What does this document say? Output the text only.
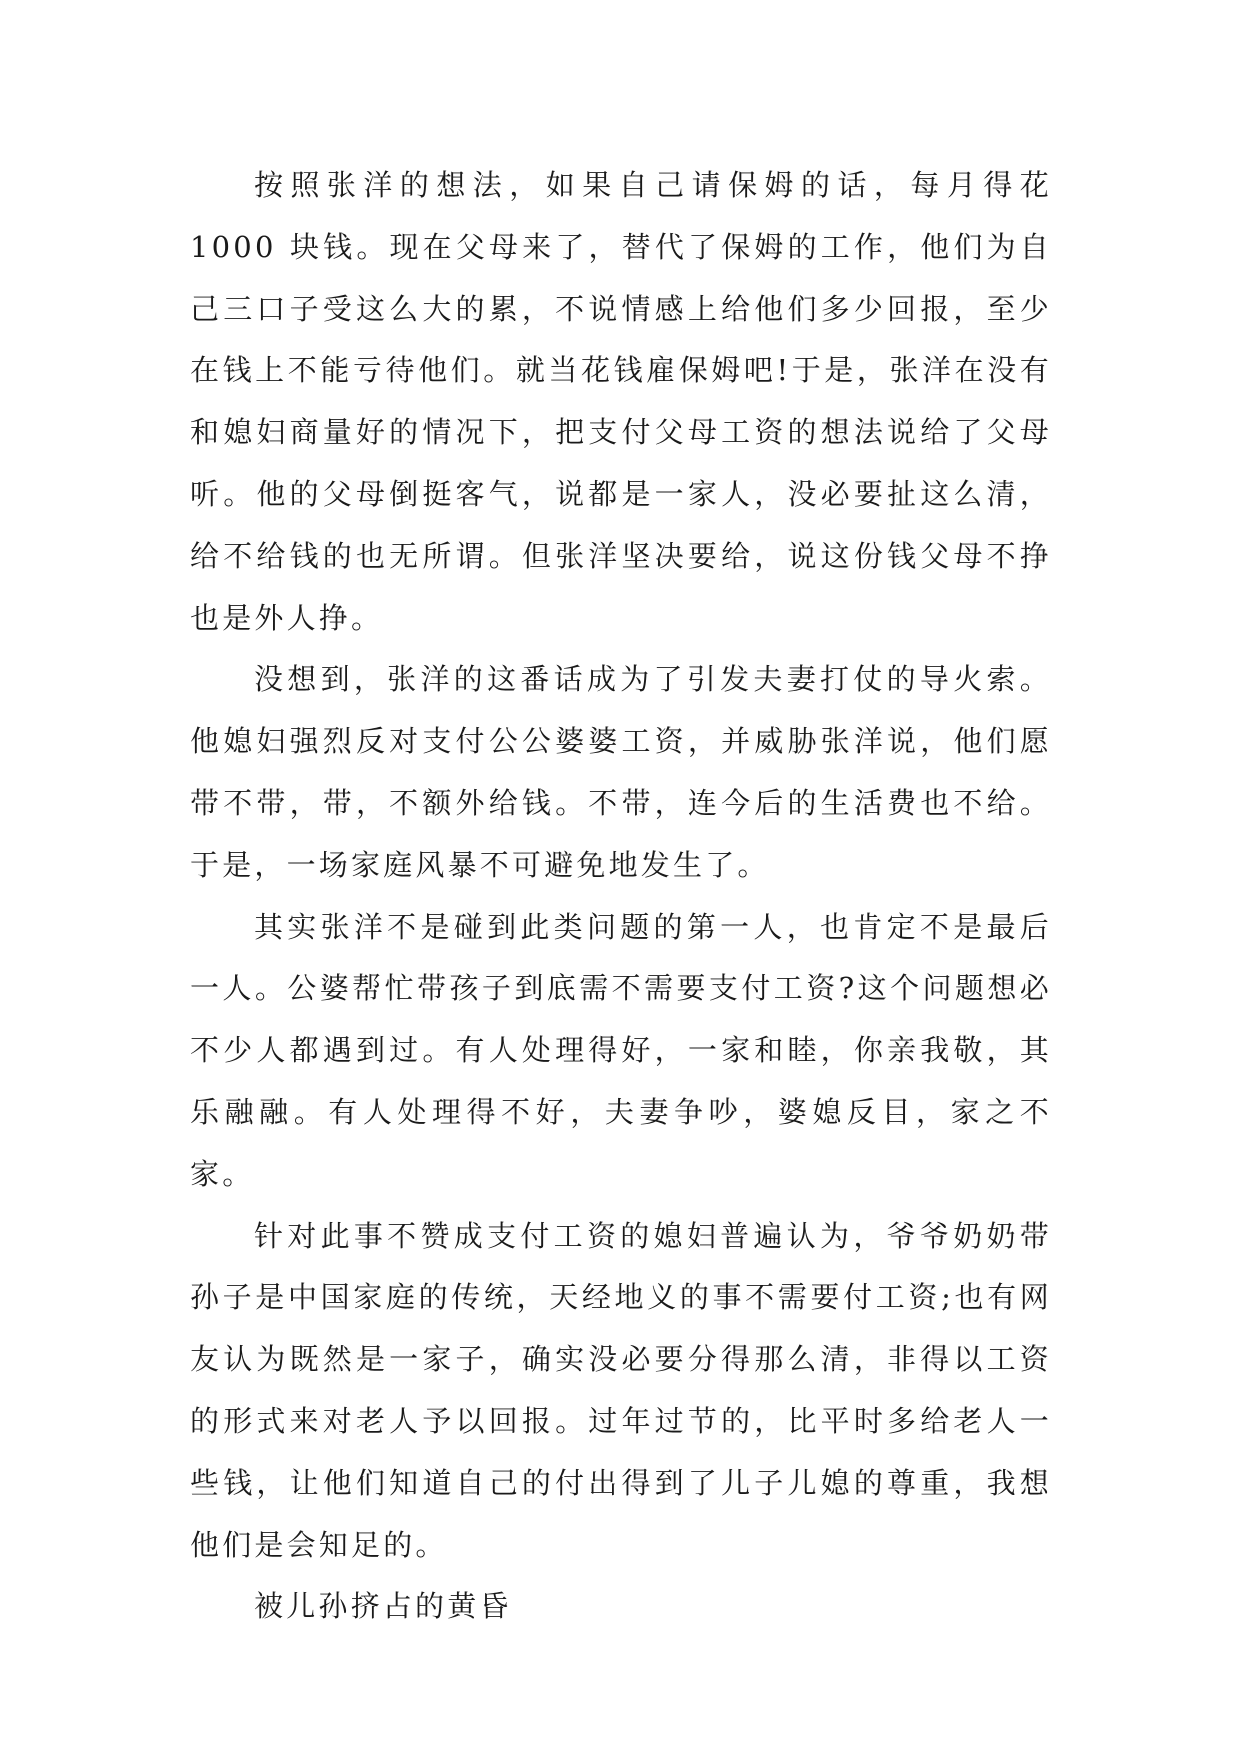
按照张洋的想法，如果自己请保姆的话，每月得花 1000 块钱。现在父母来了，替代了保姆的工作，他们为自己三口子受这么大的累，不说情感上给他们多少回报，至少在钱上不能亏待他们。就当花钱雇保姆吧!于是，张洋在没有和媳妇商量好的情况下，把支付父母工资的想法说给了父母听。他的父母倒挺客气，说都是一家人，没必要扯这么清，给不给钱的也无所谓。但张洋坚决要给，说这份钱父母不挣也是外人挣。

没想到，张洋的这番话成为了引发夫妻打仗的导火索。他媳妇强烈反对支付公公婆婆工资，并威胁张洋说，他们愿带不带，带，不额外给钱。不带，连今后的生活费也不给。于是，一场家庭风暴不可避免地发生了。

其实张洋不是碰到此类问题的第一人，也肯定不是最后一人。公婆帮忙带孩子到底需不需要支付工资?这个问题想必不少人都遇到过。有人处理得好，一家和睦，你亲我敬，其乐融融。有人处理得不好，夫妻争吵，婆媳反目，家之不家。

针对此事不赞成支付工资的媳妇普遍认为，爷爷奶奶带孙子是中国家庭的传统，天经地义的事不需要付工资;也有网友认为既然是一家子，确实没必要分得那么清，非得以工资的形式来对老人予以回报。过年过节的，比平时多给老人一些钱，让他们知道自己的付出得到了儿子儿媳的尊重，我想他们是会知足的。

被儿孙挤占的黄昏
